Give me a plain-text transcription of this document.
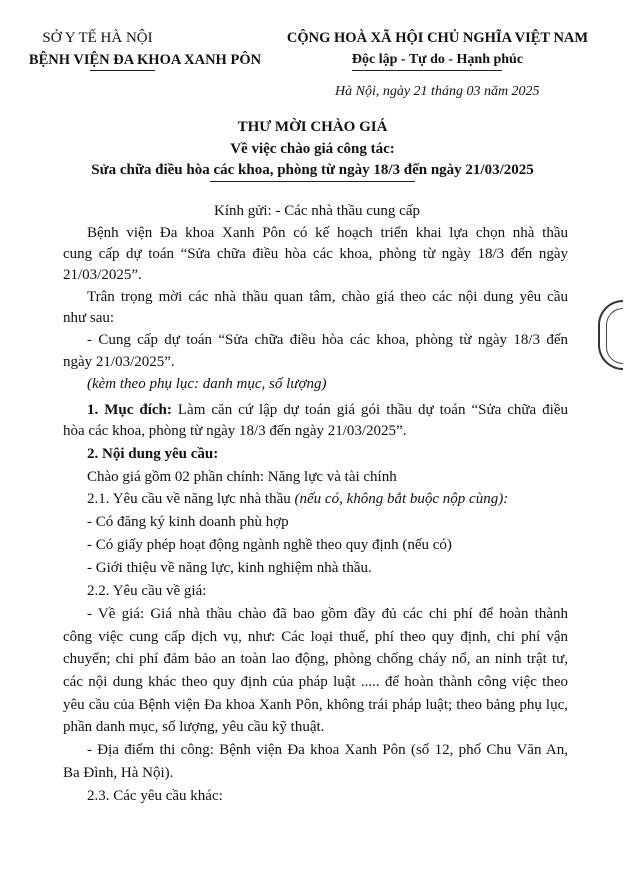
SỞ Y TẾ HÀ NỘI
BỆNH VIỆN ĐA KHOA XANH PÔN
CỘNG HOÀ XÃ HỘI CHỦ NGHĨA VIỆT NAM
Độc lập - Tự do - Hạnh phúc
Hà Nội, ngày 21 tháng 03 năm 2025
THƯ MỜI CHÀO GIÁ
Về việc chào giá công tác:
Sửa chữa điều hòa các khoa, phòng từ ngày 18/3 đến ngày 21/03/2025
Kính gửi: - Các nhà thầu cung cấp
Bệnh viện Đa khoa Xanh Pôn có kế hoạch triển khai lựa chọn nhà thầu
cung cấp dự toán “Sửa chữa điều hòa các khoa, phòng từ ngày 18/3 đến ngày
21/03/2025”.
Trân trọng mời các nhà thầu quan tâm, chào giá theo các nội dung yêu cầu
như sau:
- Cung cấp dự toán “Sửa chữa điều hòa các khoa, phòng từ ngày 18/3 đến
ngày 21/03/2025”.
(kèm theo phụ lục: danh mục, số lượng)
1. Mục đích: Làm căn cứ lập dự toán giá gói thầu dự toán “Sửa chữa điều
hòa các khoa, phòng từ ngày 18/3 đến ngày 21/03/2025”.
2. Nội dung yêu cầu:
Chào giá gồm 02 phần chính: Năng lực và tài chính
2.1. Yêu cầu về năng lực nhà thầu (nếu có, không bắt buộc nộp cùng):
- Có đăng ký kinh doanh phù hợp
- Có giấy phép hoạt động ngành nghề theo quy định (nếu có)
- Giới thiệu về năng lực, kinh nghiệm nhà thầu.
2.2. Yêu cầu về giá:
- Về giá: Giá nhà thầu chào đã bao gồm đầy đủ các chi phí để hoàn thành
công việc cung cấp dịch vụ, như: Các loại thuế, phí theo quy định, chi phí vận
chuyển; chi phí đảm bảo an toàn lao động, phòng chống cháy nổ, an ninh trật tư,
các nội dung khác theo quy định của pháp luật ..... để hoàn thành công việc theo
yêu cầu của Bệnh viện Đa khoa Xanh Pôn, không trái pháp luật; theo bảng phụ lục,
phần danh mục, số lượng, yêu cầu kỹ thuật.
- Địa điểm thi công: Bệnh viện Đa khoa Xanh Pôn (số 12, phố Chu Văn An,
Ba Đình, Hà Nội).
2.3. Các yêu cầu khác:
